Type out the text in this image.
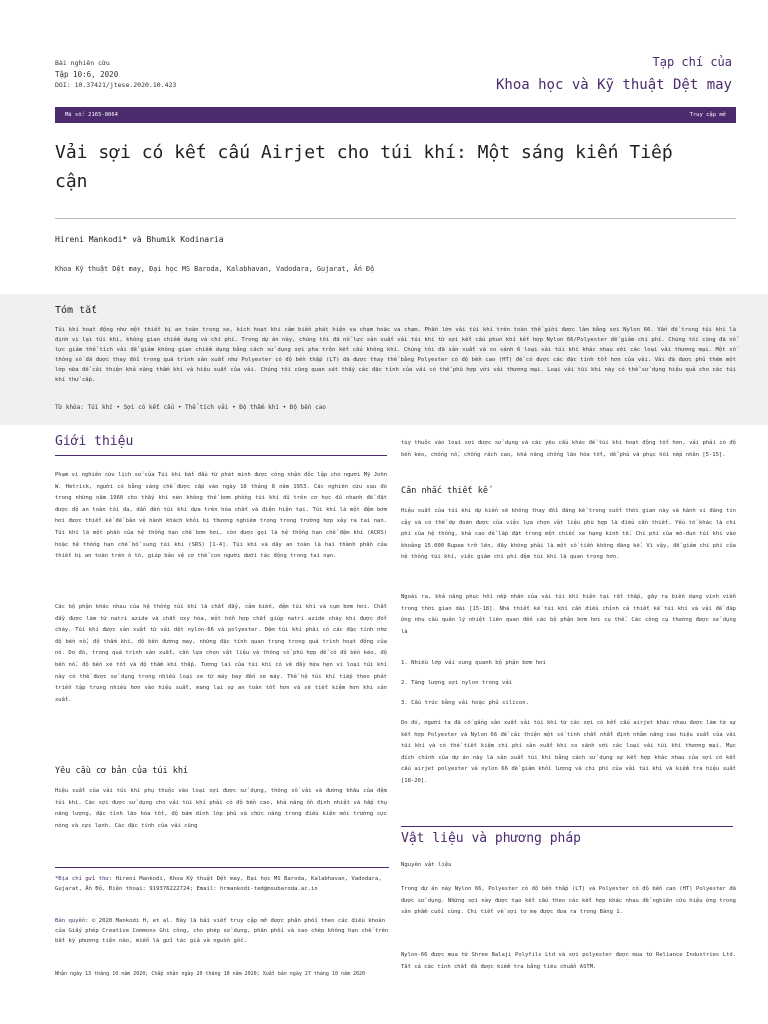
Bài nghiên cứu
Tập 10:6, 2020
DOI: 10.37421/jtese.2020.10.423
Tạp chí của
Khoa học và Kỹ thuật Dệt may
Mã số: 2165-8064	Truy cập mở
Vải sợi có kết cấu Airjet cho túi khí: Một sáng kiến Tiếp cận
Hireni Mankodi* và Bhumik Kodinaria
Khoa Kỹ thuật Dệt may, Đại học MS Baroda, Kalabhavan, Vadodara, Gujarat, Ấn Độ
Tóm tắt
Túi khí hoạt động như một thiết bị an toàn trong xe, kích hoạt khi cảm biến phát hiện va chạm hoặc va chạm. Phần lớn vải túi khí trên toàn thế giới được làm bằng sợi Nylon 66. Vấn đề trong túi khí là định vị lại túi khí, không gian chiếm dụng và chi phí. Trong dự án này, chúng tôi đã nỗ lực sản xuất vải túi khí từ sợi kết cấu phun khí kết hợp Nylon 66/Polyester để giảm chi phí. Chúng tôi cũng đã nỗ lực giảm thể tích vải để giảm không gian chiếm dụng bằng cách sử dụng sợi pha trộn kết cấu không khí. Chúng tôi đã sản xuất và so sánh 6 loại vải túi khí khác nhau với các loại vải thương mại. Một số thông số đã được thay đổi trong quá trình sản xuất như Polyester có độ bền thấp (LT) đã được thay thế bằng Polyester có độ bền cao (HT) để có được các đặc tính tốt hơn của vải. Vải đã được phủ thêm một lớp nữa để cải thiện khả năng thấm khí và hiệu suất của vải. Chúng tôi cũng quan sát thấy các đặc tính của vải có thể phù hợp với vải thương mại. Loại vải túi khí này có thể sử dụng hiệu quả cho các túi khí thử cấp.
Từ khóa: Túi khí • Sợi có kết cấu • Thể tích vải • Độ thấm khí • Độ bền cao
Giới thiệu
Phạm vi nghiên cứu lịch sử của Túi khí bắt đầu từ phát minh được công nhận độc lập cho người Mỹ John W. Hetrick, người có bằng sáng chế được cấp vào ngày 18 tháng 8 năm 1953. Các nghiên cứu sau đó trong những năm 1960 cho thấy khí nén không thể bơm phồng túi khí đủ trên cơ học đủ nhanh để đặt được độ an toàn tối đa, dẫn đến túi khí dựa trên hóa chất và điện hiện tại. Túi khí là một đệm bơm hơi được thiết kế để bảo vệ hành khách khỏi bị thương nghiêm trọng trong trường hợp xảy ra tai nạn. Túi khí là một phần của hệ thống hạn chế bơm hơi, còn được gọi là hệ thống hạn chế đệm khí (ACRS) hoặc hệ thống hạn chế bổ sung túi khí (SRS) [1-4]. Túi khí và dây an toàn là hai thành phần của thiết bị an toàn trên ô tô, giúp bảo vệ cơ thể con người dưới tác động trong tai nạn.
Các bộ phận khác nhau của hệ thống túi khí là chất đẩy, cảm biến, đệm túi khí và cụm bơm hơi. Chất đẩy được làm từ natri azide và chất oxy hóa, một hỗn hợp chất giúp natri azide cháy khi được đốt cháy. Túi khí được sản xuất từ vải dệt nylon-66 và polyester. Đệm túi khí phải có các đặc tính như độ bền nổ, độ thấm khí, độ bền đường may, những đặc tính quan trọng trong quá trình hoạt động của nó. Do đó, trong quá trình sản xuất, cần lựa chọn vật liệu và thông số phù hợp để có độ bền kéo, độ bền nổ, độ bền xé tốt và độ thấm khí thấp. Tương lai của túi khí có vẻ đầy hứa hẹn vì loại túi khí này có thể được sử dụng trong nhiều loại xe từ máy bay đến xe máy. Thể hệ túi khí tiếp theo phát triển tập trung nhiều hơn vào hiệu suất, mang lại sự an toàn tốt hơn và sẽ tiết kiệm hơn khi sản xuất.
Yêu cầu cơ bản của túi khí
Hiệu suất của vải túi khí phụ thuộc vào loại sợi được sử dụng, thông số vải và đường khâu của đệm túi khí. Các sợi được sử dụng cho vải túi khí phải có độ bền cao, khả năng ổn định nhiệt và hấp thụ năng lượng, đặc tính lão hóa tốt, độ bám dính lớp phủ và chức năng trong điều kiện môi trường cực nóng và cực lạnh. Các đặc tính của vải cũng
*Địa chỉ gửi thư: Hireni Mankodi, Khoa Kỹ thuật Dệt may, Đại học MS Baroda, Kalabhavan, Vadodara, Gujarat, Ấn Độ, Điện thoại: 919376222724; Email: hrmankodi-ted@msubaroda.ac.in
Bản quyền: © 2020 Mankodi H, et al. Đây là bài viết truy cập mở được phân phối theo các điều khoản của Giấy phép Creative Commons Ghi công, cho phép sử dụng, phân phối và sao chép không hạn chế trên bất kỳ phương tiện nào, miễn là gửi tác giả và nguồn gốc.
Nhận ngày 13 tháng 10 năm 2020; Chấp nhận ngày 20 tháng 10 năm 2020; Xuất bản ngày 27 tháng 10 năm 2020
tùy thuộc vào loại sợi được sử dụng và các yêu cầu khác để túi khí hoạt động tốt hơn, vải phải có độ bền kéo, chống nổ, chống rách cao, khả năng chống lão hóa tốt, dễ phủ và phục hồi nếp nhăn [5-15].
Cân nhắc thiết kế
Hiệu suất của túi khí dự kiến sẽ không thay đổi đáng kể trong suốt thời gian này và hành vi đáng tin cậy và có thể dự đoán được của việc lựa chọn vật liệu phù hợp là điều cần thiết. Yếu tố khác là chi phí của hệ thống, khả cao để lắp đặt trong một chiếc xe hạng kinh tế. Chi phí của mô-đun túi khí vào khoảng 15.000 Rupee trở lên, đây không phải là một số tiền không đáng kể. Vì vậy, để giảm chi phí của hệ thống túi khí, việc giảm chi phí đệm túi khí là quan trọng hơn.
Ngoài ra, khả năng phục hồi nếp nhăn của vải túi khí hiện tại rất thấp, gây ra biến dạng vĩnh viễn trong thời gian dài [15-18]. Nhà thiết kế túi khí cần điều chỉnh cả thiết kế túi khí và vải để đáp ứng nhu cầu quản lý nhiệt liên quan đến các bộ phận bơm hơi cụ thể. Các công cụ thường được sử dụng là
1. Nhiều lớp vải xung quanh bộ phận bơm hơi
2. Tăng lượng sợi nylon trong vải
3. Cấu trúc bằng vải hoặc phủ silicon.
Do đó, người ta đã cố gắng sản xuất vải túi khí từ các sợi có kết cấu airjet khác nhau được làm từ sự kết hợp Polyester và Nylon 66 để cải thiện một số tính chất nhất định nhằm nâng cao hiệu suất của vải túi khí và có thể tiết kiệm chi phí sản xuất khi so sánh với các loại vải túi khí thương mại. Mục đích chính của dự án này là sản xuất túi khí bằng cách sử dụng sự kết hợp khác nhau của sợi có kết cấu airjet polyester và nylon 66 để giảm khối lượng và chi phí của vải túi khí và kiểm tra hiệu suất [18-20].
Vật liệu và phương pháp
Nguyên vật liệu
Trong dự án này Nylon 66, Polyester có độ bền thấp (LT) và Polyester có độ bền cao (HT) Polyester đã được sử dụng. Những sợi này được tạo kết cấu theo các kết hợp khác nhau để nghiên cứu hiệu ứng trong sản phẩm cuối cùng. Chi tiết về sợi tơ mẹ được đưa ra trong Bảng 1.
Nylon-66 được mua từ Shree Balaji Polyfils Ltd và sợi polyester được mua từ Reliance Industries Ltd. Tất cả các tính chất đã được kiểm tra bằng tiêu chuẩn ASTM.
